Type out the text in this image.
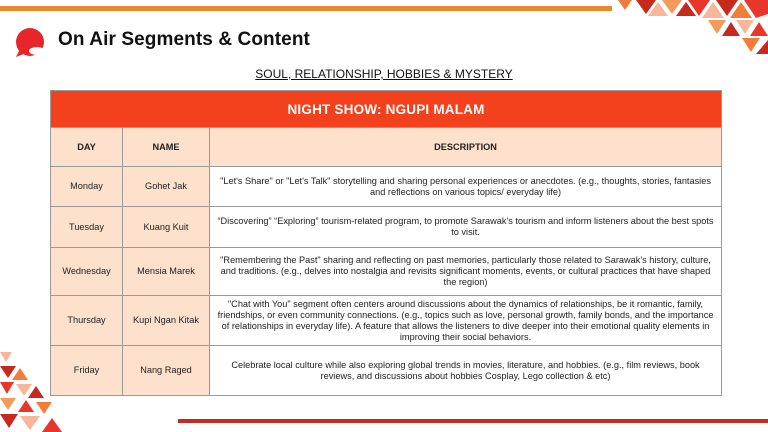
On Air Segments & Content
SOUL, RELATIONSHIP, HOBBIES & MYSTERY
NIGHT SHOW: NGUPI MALAM		
DAY	NAME	DESCRIPTION
Monday	Gohet Jak	"Let's Share" or "Let's Talk" storytelling and sharing personal experiences or anecdotes. (e.g., thoughts, stories, fantasies and reflections on various topics/ everyday life)
Tuesday	Kuang Kuit	“Discovering” “Exploring” tourism-related program, to promote Sarawak's tourism and inform listeners about the best spots to visit.
Wednesday	Mensia Marek	"Remembering the Past" sharing and reflecting on past memories, particularly those related to Sarawak's history, culture, and traditions. (e.g., delves into nostalgia and revisits significant moments, events, or cultural practices that have shaped the region)
Thursday	Kupi Ngan Kitak	"Chat with You" segment often centers around discussions about the dynamics of relationships, be it romantic, family, friendships, or even community connections. (e.g., topics such as love, personal growth, family bonds, and the importance of relationships in everyday life). A feature that allows the listeners to dive deeper into their emotional quality elements in improving their social behaviors.
Friday	Nang Raged	Celebrate local culture while also exploring global trends in movies, literature, and hobbies. (e.g., film reviews, book reviews, and discussions about hobbies Cosplay, Lego collection & etc)
